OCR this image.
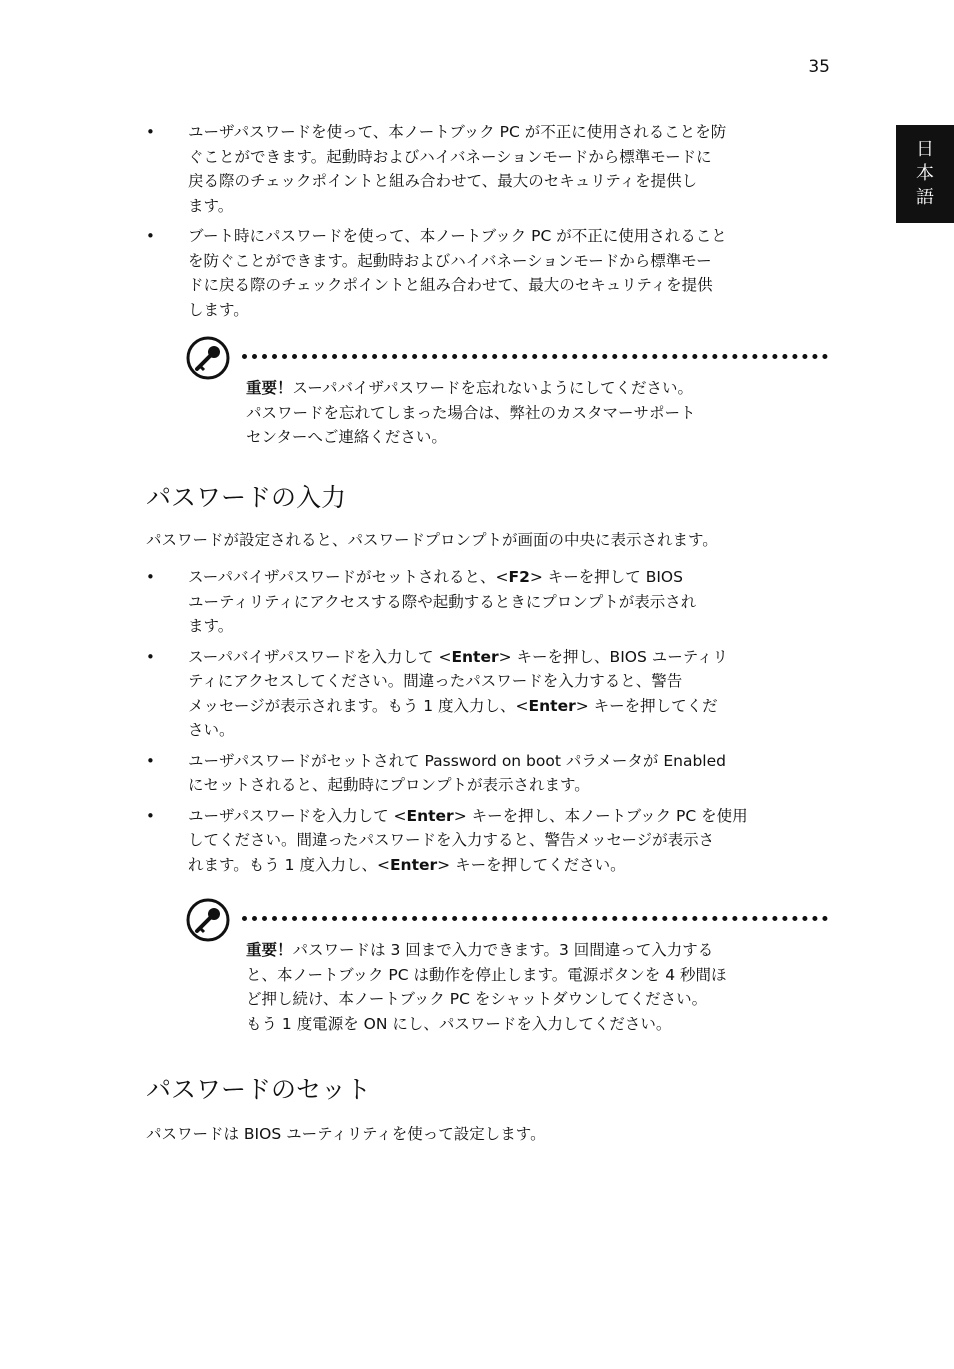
35
日
本
語
• ユーザパスワードを使って、本ノートブック PC が不正に使用されることを防
ぐことができます。起動時およびハイバネーションモードから標準モードに
戻る際のチェックポイントと組み合わせて、最大のセキュリティを提供し
ます。
• ブート時にパスワードを使って、本ノートブック PC が不正に使用されること
を防ぐことができます。起動時およびハイバネーションモードから標準モー
ドに戻る際のチェックポイントと組み合わせて、最大のセキュリティを提供
します。
重要！スーパバイザパスワードを忘れないようにしてください。
パスワードを忘れてしまった場合は、弊社のカスタマーサポート
センターへご連絡ください。
パスワードの入力

パスワードが設定されると、パスワードプロンプトが画面の中央に表示されます。

• スーパバイザパスワードがセットされると、<F2> キーを押して BIOS
ユーティリティにアクセスする際や起動するときにプロンプトが表示され
ます。
• スーパバイザパスワードを入力して <Enter> キーを押し、BIOS ユーティリ
ティにアクセスしてください。間違ったパスワードを入力すると、警告
メッセージが表示されます。もう 1 度入力し、<Enter> キーを押してくだ
さい。
• ユーザパスワードがセットされて Password on boot パラメータが Enabled
にセットされると、起動時にプロンプトが表示されます。
• ユーザパスワードを入力して <Enter> キーを押し、本ノートブック PC を使用
してください。間違ったパスワードを入力すると、警告メッセージが表示さ
れます。もう 1 度入力し、<Enter> キーを押してください。
重要！パスワードは 3 回まで入力できます。3 回間違って入力する
と、本ノートブック PC は動作を停止します。電源ボタンを 4 秒間ほ
ど押し続け、本ノートブック PC をシャットダウンしてください。
もう 1 度電源を ON にし、パスワードを入力してください。
パスワードのセット

パスワードは BIOS ユーティリティを使って設定します。
